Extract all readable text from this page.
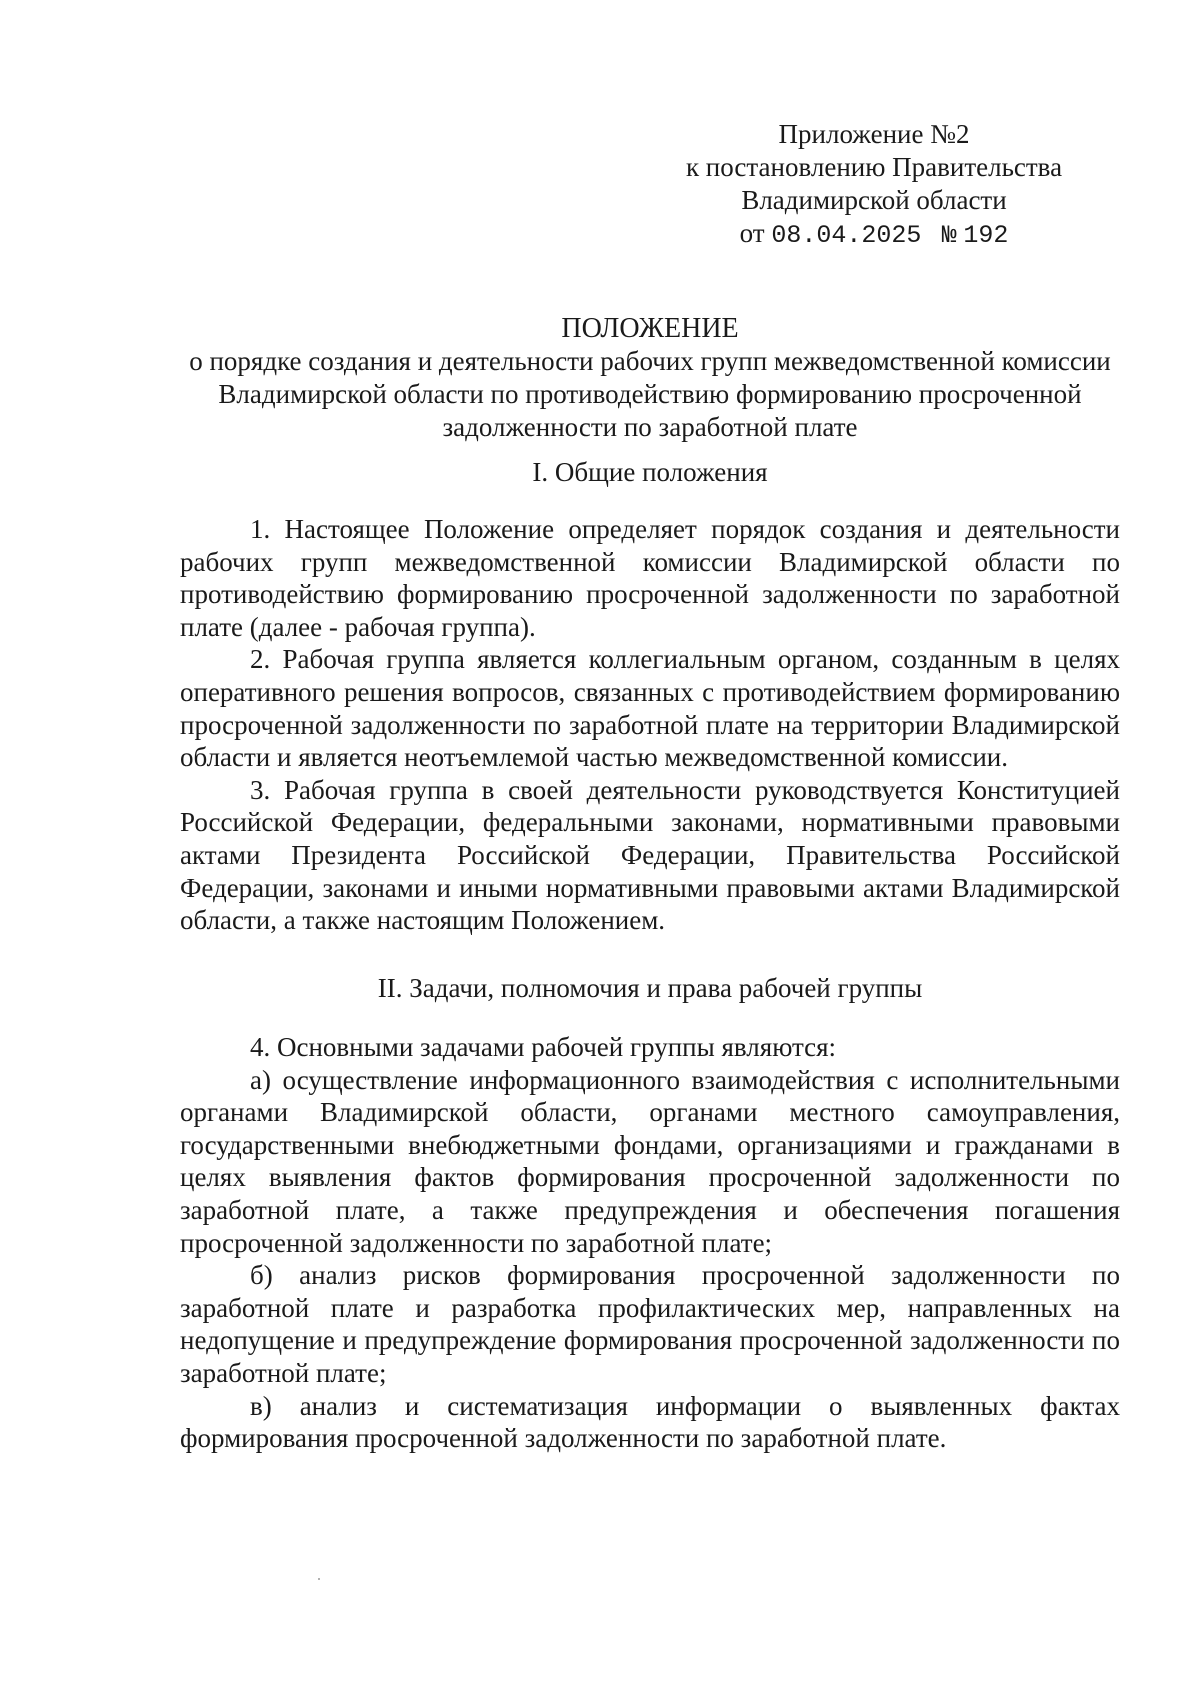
Приложение №2
к постановлению Правительства
Владимирской области
от 08.04.2025 № 192
ПОЛОЖЕНИЕ
о порядке создания и деятельности рабочих групп межведомственной комиссии Владимирской области по противодействию формированию просроченной задолженности по заработной плате
I. Общие положения

1. Настоящее Положение определяет порядок создания и деятельности рабочих групп межведомственной комиссии Владимирской области по противодействию формированию просроченной задолженности по заработной плате (далее - рабочая группа).

2. Рабочая группа является коллегиальным органом, созданным в целях оперативного решения вопросов, связанных с противодействием формированию просроченной задолженности по заработной плате на территории Владимирской области и является неотъемлемой частью межведомственной комиссии.

3. Рабочая группа в своей деятельности руководствуется Конституцией Российской Федерации, федеральными законами, нормативными правовыми актами Президента Российской Федерации, Правительства Российской Федерации, законами и иными нормативными правовыми актами Владимирской области, а также настоящим Положением.

II. Задачи, полномочия и права рабочей группы

4. Основными задачами рабочей группы являются:

а) осуществление информационного взаимодействия с исполнительными органами Владимирской области, органами местного самоуправления, государственными внебюджетными фондами, организациями и гражданами в целях выявления фактов формирования просроченной задолженности по заработной плате, а также предупреждения и обеспечения погашения просроченной задолженности по заработной плате;

б) анализ рисков формирования просроченной задолженности по заработной плате и разработка профилактических мер, направленных на недопущение и предупреждение формирования просроченной задолженности по заработной плате;

в) анализ и систематизация информации о выявленных фактах формирования просроченной задолженности по заработной плате.
